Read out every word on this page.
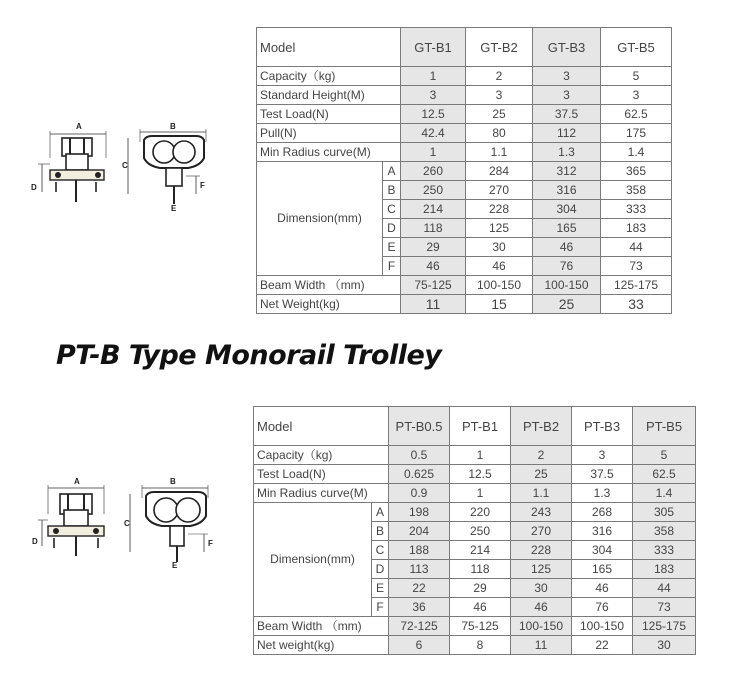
A
D
B
C
F
E
Model		GT-B1	GT-B2	GT-B3	GT-B5
Capacity（kg)		1	2	3	5
Standard Height(M)		3	3	3	3
Test Load(N)		12.5	25	37.5	62.5
Pull(N)		42.4	80	112	175
Min Radius curve(M)		1	1.1	1.3	1.4
Dimension(mm)	A	260	284	312	365
	B	250	270	316	358
	C	214	228	304	333
	D	118	125	165	183
	E	29	30	46	44
	F	46	46	76	73
Beam Width （mm)		75-125	100-150	100-150	125-175
Net Weight(kg)		11	15	25	33
PT-B Type Monorail Trolley
A
D
B
C
F
E
Model		PT-B0.5	PT-B1	PT-B2	PT-B3	PT-B5
Capacity（kg)		0.5	1	2	3	5
Test Load(N)		0.625	12.5	25	37.5	62.5
Min Radius curve(M)		0.9	1	1.1	1.3	1.4
Dimension(mm)	A	198	220	243	268	305
	B	204	250	270	316	358
	C	188	214	228	304	333
	D	113	118	125	165	183
	E	22	29	30	46	44
	F	36	46	46	76	73
Beam Width （mm)		72-125	75-125	100-150	100-150	125-175
Net weight(kg)		6	8	11	22	30
